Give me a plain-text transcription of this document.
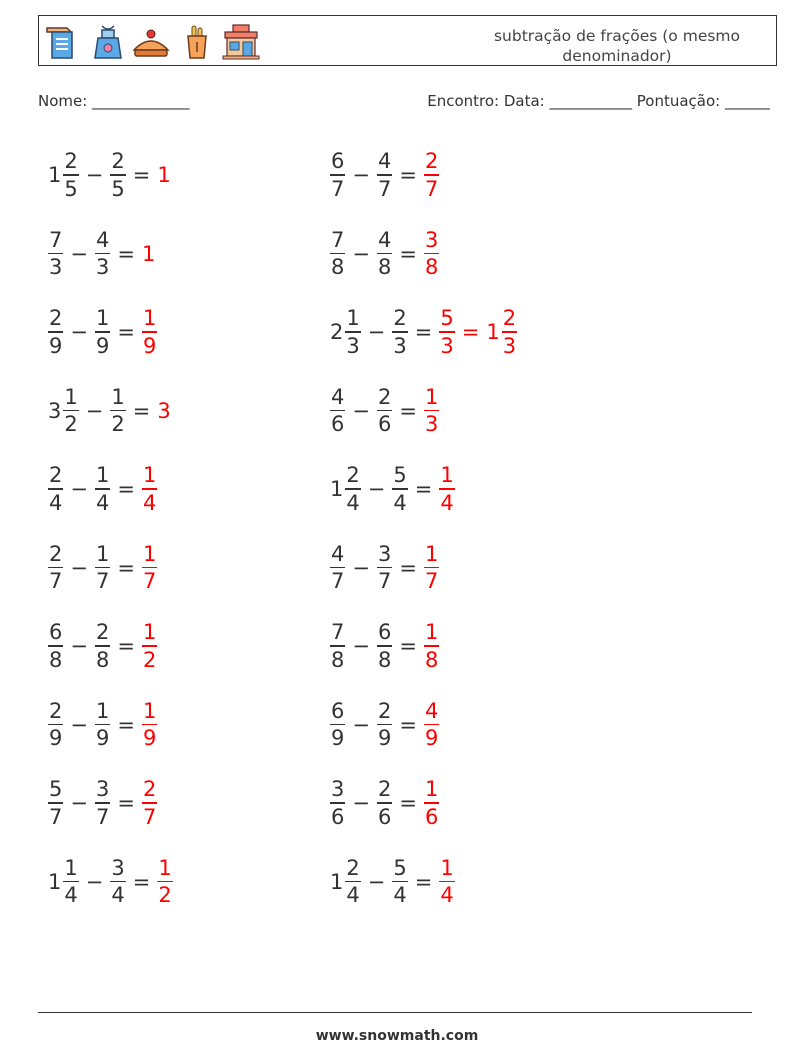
subtração de frações (o mesmo denominador)
Nome: _____________	Encontro: Data: ___________ Pontuação: ______
$1 \frac{2}{5} - \frac{2}{5} = 1$
$\frac{7}{3} - \frac{4}{3} = 1$
$\frac{2}{9} - \frac{1}{9} = \frac{1}{9}$
$3 \frac{1}{2} - \frac{1}{2} = 3$
$\frac{2}{4} - \frac{1}{4} = \frac{1}{4}$
$\frac{2}{7} - \frac{1}{7} = \frac{1}{7}$
$\frac{6}{8} - \frac{2}{8} = \frac{1}{2}$
$\frac{2}{9} - \frac{1}{9} = \frac{1}{9}$
$\frac{5}{7} - \frac{3}{7} = \frac{2}{7}$
$1 \frac{1}{4} - \frac{3}{4} = \frac{1}{2}$
$\frac{6}{7} - \frac{4}{7} = \frac{2}{7}$
$\frac{7}{8} - \frac{4}{8} = \frac{3}{8}$
$2 \frac{1}{3} - \frac{2}{3} = \frac{5}{3} = 1 \frac{2}{3}$
$\frac{4}{6} - \frac{2}{6} = \frac{1}{3}$
$1 \frac{2}{4} - \frac{5}{4} = \frac{1}{4}$
$\frac{4}{7} - \frac{3}{7} = \frac{1}{7}$
$\frac{7}{8} - \frac{6}{8} = \frac{1}{8}$
$\frac{6}{9} - \frac{2}{9} = \frac{4}{9}$
$\frac{3}{6} - \frac{2}{6} = \frac{1}{6}$
$1 \frac{2}{4} - \frac{5}{4} = \frac{1}{4}$
www.snowmath.com
